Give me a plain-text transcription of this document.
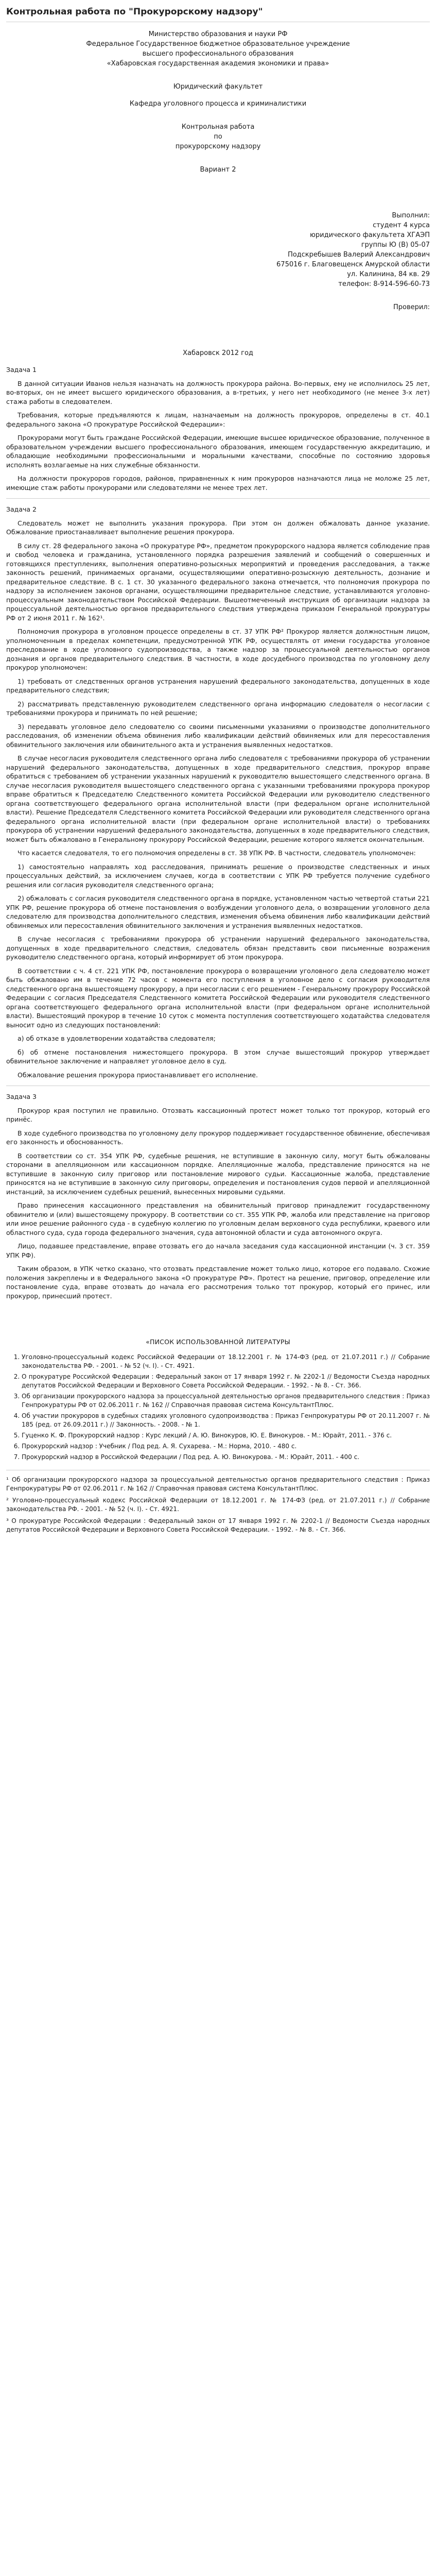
Контрольная работа по "Прокурорскому надзору"

Министерство образования и науки РФ

Федеральное Государственное бюджетное образовательное учреждение

высшего профессионального образования

«Хабаровская государственная академия экономики и права»

Юридический факультет

Кафедра уголовного процесса и криминалистики

Контрольная работа

по

прокурорскому надзору

Вариант 2

Выполнил:

студент 4 курса

юридического факультета ХГАЭП

группы Ю (В) 05-07

Подскребышев Валерий Александрович

675016 г. Благовещенск Амурской области

ул. Калинина, 84 кв. 29

телефон: 8-914-596-60-73

Проверил:

Хабаровск 2012 год

Задача 1

В данной ситуации Иванов нельзя назначать на должность прокурора района. Во-первых, ему не исполнилось 25 лет, во-вторых, он не имеет высшего юридического образования, а в-третьих, у него нет необходимого (не менее 3-х лет) стажа работы в следователем.

Требования, которые предъявляются к лицам, назначаемым на должность прокуроров, определены в ст. 40.1 федерального закона «О прокуратуре Российской Федерации»:

Прокурорами могут быть граждане Российской Федерации, имеющие высшее юридическое образование, полученное в образовательном учреждении высшего профессионального образования, имеющем государственную аккредитацию, и обладающие необходимыми профессиональными и моральными качествами, способные по состоянию здоровья исполнять возлагаемые на них служебные обязанности.

На должности прокуроров городов, районов, приравненных к ним прокуроров назначаются лица не моложе 25 лет, имеющие стаж работы прокурорами или следователями не менее трех лет.

Задача 2

Следователь может не выполнить указания прокурора. При этом он должен обжаловать данное указание. Обжалование приостанавливает выполнение решения прокурора.

В силу ст. 28 федерального закона «О прокуратуре РФ», предметом прокурорского надзора является соблюдение прав и свобод человека и гражданина, установленного порядка разрешения заявлений и сообщений о совершенных и готовящихся преступлениях, выполнения оперативно-розыскных мероприятий и проведения расследования, а также законность решений, принимаемых органами, осуществляющими оперативно-розыскную деятельность, дознание и предварительное следствие. В с. 1 ст. 30 указанного федерального закона отмечается, что полномочия прокурора по надзору за исполнением законов органами, осуществляющими предварительное следствие, устанавливаются уголовно-процессуальным законодательством Российской Федерации. Вышеотмеченный инструкция об организации надзора за процессуальной деятельностью органов предварительного следствия утверждена приказом Генеральной прокуратуры РФ от 2 июня 2011 г. № 162¹.

Полномочия прокурора в уголовном процессе определены в ст. 37 УПК РФ² Прокурор является должностным лицом, уполномоченным в пределах компетенции, предусмотренной УПК РФ, осуществлять от имени государства уголовное преследование в ходе уголовного судопроизводства, а также надзор за процессуальной деятельностью органов дознания и органов предварительного следствия. В частности, в ходе досудебного производства по уголовному делу прокурор уполномочен:

1) требовать от следственных органов устранения нарушений федерального законодательства, допущенных в ходе предварительного следствия;

2) рассматривать представленную руководителем следственного органа информацию следователя о несогласии с требованиями прокурора и принимать по ней решение;

3) передавать уголовное дело следователю со своими письменными указаниями о производстве дополнительного расследования, об изменении объема обвинения либо квалификации действий обвиняемых или для пересоставления обвинительного заключения или обвинительного акта и устранения выявленных недостатков.

В случае несогласия руководителя следственного органа либо следователя с требованиями прокурора об устранении нарушений федерального законодательства, допущенных в ходе предварительного следствия, прокурор вправе обратиться с требованием об устранении указанных нарушений к руководителю вышестоящего следственного органа. В случае несогласия руководителя вышестоящего следственного органа с указанными требованиями прокурора прокурор вправе обратиться к Председателю Следственного комитета Российской Федерации или руководителю следственного органа соответствующего федерального органа исполнительной власти (при федеральном органе исполнительной власти). Решение Председателя Следственного комитета Российской Федерации или руководителя следственного органа федерального органа исполнительной власти (при федеральном органе исполнительной власти) о требованиях прокурора об устранении нарушений федерального законодательства, допущенных в ходе предварительного следствия, может быть обжаловано в Генеральному прокурору Российской Федерации, решение которого является окончательным.

Что касается следователя, то его полномочия определены в ст. 38 УПК РФ. В частности, следователь уполномочен:

1) самостоятельно направлять ход расследования, принимать решение о производстве следственных и иных процессуальных действий, за исключением случаев, когда в соответствии с УПК РФ требуется получение судебного решения или согласия руководителя следственного органа;

2) обжаловать с согласия руководителя следственного органа в порядке, установленном частью четвертой статьи 221 УПК РФ, решение прокурора об отмене постановления о возбуждении уголовного дела, о возвращении уголовного дела следователю для производства дополнительного следствия, изменения объема обвинения либо квалификации действий обвиняемых или пересоставления обвинительного заключения и устранения выявленных недостатков.

В случае несогласия с требованиями прокурора об устранении нарушений федерального законодательства, допущенных в ходе предварительного следствия, следователь обязан представить свои письменные возражения руководителю следственного органа, который информирует об этом прокурора.

В соответствии с ч. 4 ст. 221 УПК РФ, постановление прокурора о возвращении уголовного дела следователю может быть обжаловано им в течение 72 часов с момента его поступления в уголовное дело с согласия руководителя следственного органа вышестоящему прокурору, а при несогласии с его решением - Генеральному прокурору Российской Федерации с согласия Председателя Следственного комитета Российской Федерации или руководителя следственного органа соответствующего федерального органа исполнительной власти (при федеральном органе исполнительной власти). Вышестоящий прокурор в течение 10 суток с момента поступления соответствующего ходатайства следователя выносит одно из следующих постановлений:

а) об отказе в удовлетворении ходатайства следователя;

б) об отмене постановления нижестоящего прокурора. В этом случае вышестоящий прокурор утверждает обвинительное заключение и направляет уголовное дело в суд.

Обжалование решения прокурора приостанавливает его исполнение.

Задача 3

Прокурор края поступил не правильно. Отозвать кассационный протест может только тот прокурор, который его принёс.

В ходе судебного производства по уголовному делу прокурор поддерживает государственное обвинение, обеспечивая его законность и обоснованность.

В соответствии со ст. 354 УПК РФ, судебные решения, не вступившие в законную силу, могут быть обжалованы сторонами в апелляционном или кассационном порядке. Апелляционные жалоба, представление приносятся на не вступившие в законную силу приговор или постановление мирового судьи. Кассационные жалоба, представление приносятся на не вступившие в законную силу приговоры, определения и постановления судов первой и апелляционной инстанций, за исключением судебных решений, вынесенных мировыми судьями.

Право принесения кассационного представления на обвинительный приговор принадлежит государственному обвинителю и (или) вышестоящему прокурору. В соответствии со ст. 355 УПК РФ, жалоба или представление на приговор или иное решение районного суда - в судебную коллегию по уголовным делам верховного суда республики, краевого или областного суда, суда города федерального значения, суда автономной области и суда автономного округа.

Лицо, подавшее представление, вправе отозвать его до начала заседания суда кассационной инстанции (ч. 3 ст. 359 УПК РФ).

Таким образом, в УПК четко сказано, что отозвать представление может только лицо, которое его подавало. Схожие положения закреплены и в Федерального закона «О прокуратуре РФ». Протест на решение, приговор, определение или постановление суда, вправе отозвать до начала его рассмотрения только тот прокурор, который его принес, или прокурор, принесший протест.

«ПИСОК ИСПОЛЬЗОВАННОЙ ЛИТЕРАТУРЫ
1. Уголовно-процессуальный кодекс Российской Федерации от 18.12.2001 г. № 174-ФЗ (ред. от 21.07.2011 г.) // Собрание законодательства РФ. - 2001. - № 52 (ч. I). - Ст. 4921.
2. О прокуратуре Российской Федерации : Федеральный закон от 17 января 1992 г. № 2202-1 // Ведомости Съезда народных депутатов Российской Федерации и Верховного Совета Российской Федерации. - 1992. - № 8. - Ст. 366.
3. Об организации прокурорского надзора за процессуальной деятельностью органов предварительного следствия : Приказ Генпрокуратуры РФ от 02.06.2011 г. № 162 // Справочная правовая система КонсультантПлюс.
4. Об участии прокуроров в судебных стадиях уголовного судопроизводства : Приказ Генпрокуратуры РФ от 20.11.2007 г. № 185 (ред. от 26.09.2011 г.) // Законность. - 2008. - № 1.
5. Гуценко К. Ф. Прокурорский надзор : Курс лекций / А. Ю. Винокуров, Ю. Е. Винокуров. - М.: Юрайт, 2011. - 376 с.
6. Прокурорский надзор : Учебник / Под ред. А. Я. Сухарева. - М.: Норма, 2010. - 480 с.
7. Прокурорский надзор в Российской Федерации / Под ред. А. Ю. Винокурова. - М.: Юрайт, 2011. - 400 с.

¹ Об организации прокурорского надзора за процессуальной деятельностью органов предварительного следствия : Приказ Генпрокуратуры РФ от 02.06.2011 г. № 162 // Справочная правовая система КонсультантПлюс.

² Уголовно-процессуальный кодекс Российской Федерации от 18.12.2001 г. № 174-ФЗ (ред. от 21.07.2011 г.) // Собрание законодательства РФ. - 2001. - № 52 (ч. I). - Ст. 4921.

³ О прокуратуре Российской Федерации : Федеральный закон от 17 января 1992 г. № 2202-1 // Ведомости Съезда народных депутатов Российской Федерации и Верховного Совета Российской Федерации. - 1992. - № 8. - Ст. 366.
